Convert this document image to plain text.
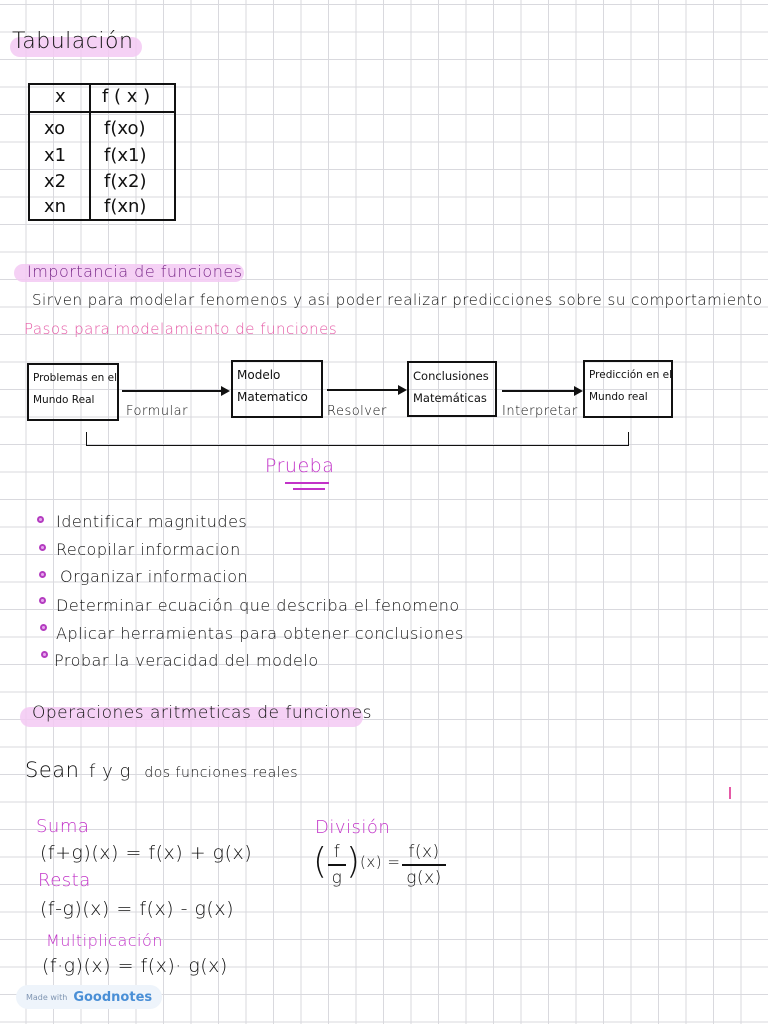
Tabulación
x f ( x )
xo f(xo)
x1 f(x1)
x2 f(x2)
xn f(xn)
Importancia de funciones
Sirven para modelar fenomenos y asi poder realizar predicciones sobre su comportamiento
Pasos para modelamiento de funciones
Problemas en el
Mundo Real
Modelo
Matematico
Conclusiones
Matemáticas
Predicción en el
Mundo real
Formular	Resolver	Interpretar
Prueba
Identificar magnitudes
Recopilar informacion
Organizar informacion
Determinar ecuación que describa el fenomeno
Aplicar herramientas para obtener conclusiones
Probar la veracidad del modelo
Operaciones aritmeticas de funciones
Sean f y g dos funciones reales
Suma
(f+g)(x) = f(x) + g(x)
Resta
(f-g)(x) = f(x) - g(x)
Multiplicación
(f·g)(x) = f(x)· g(x)
División
( f
g ) (x) = f(x)
g(x)
Made with Goodnotes
